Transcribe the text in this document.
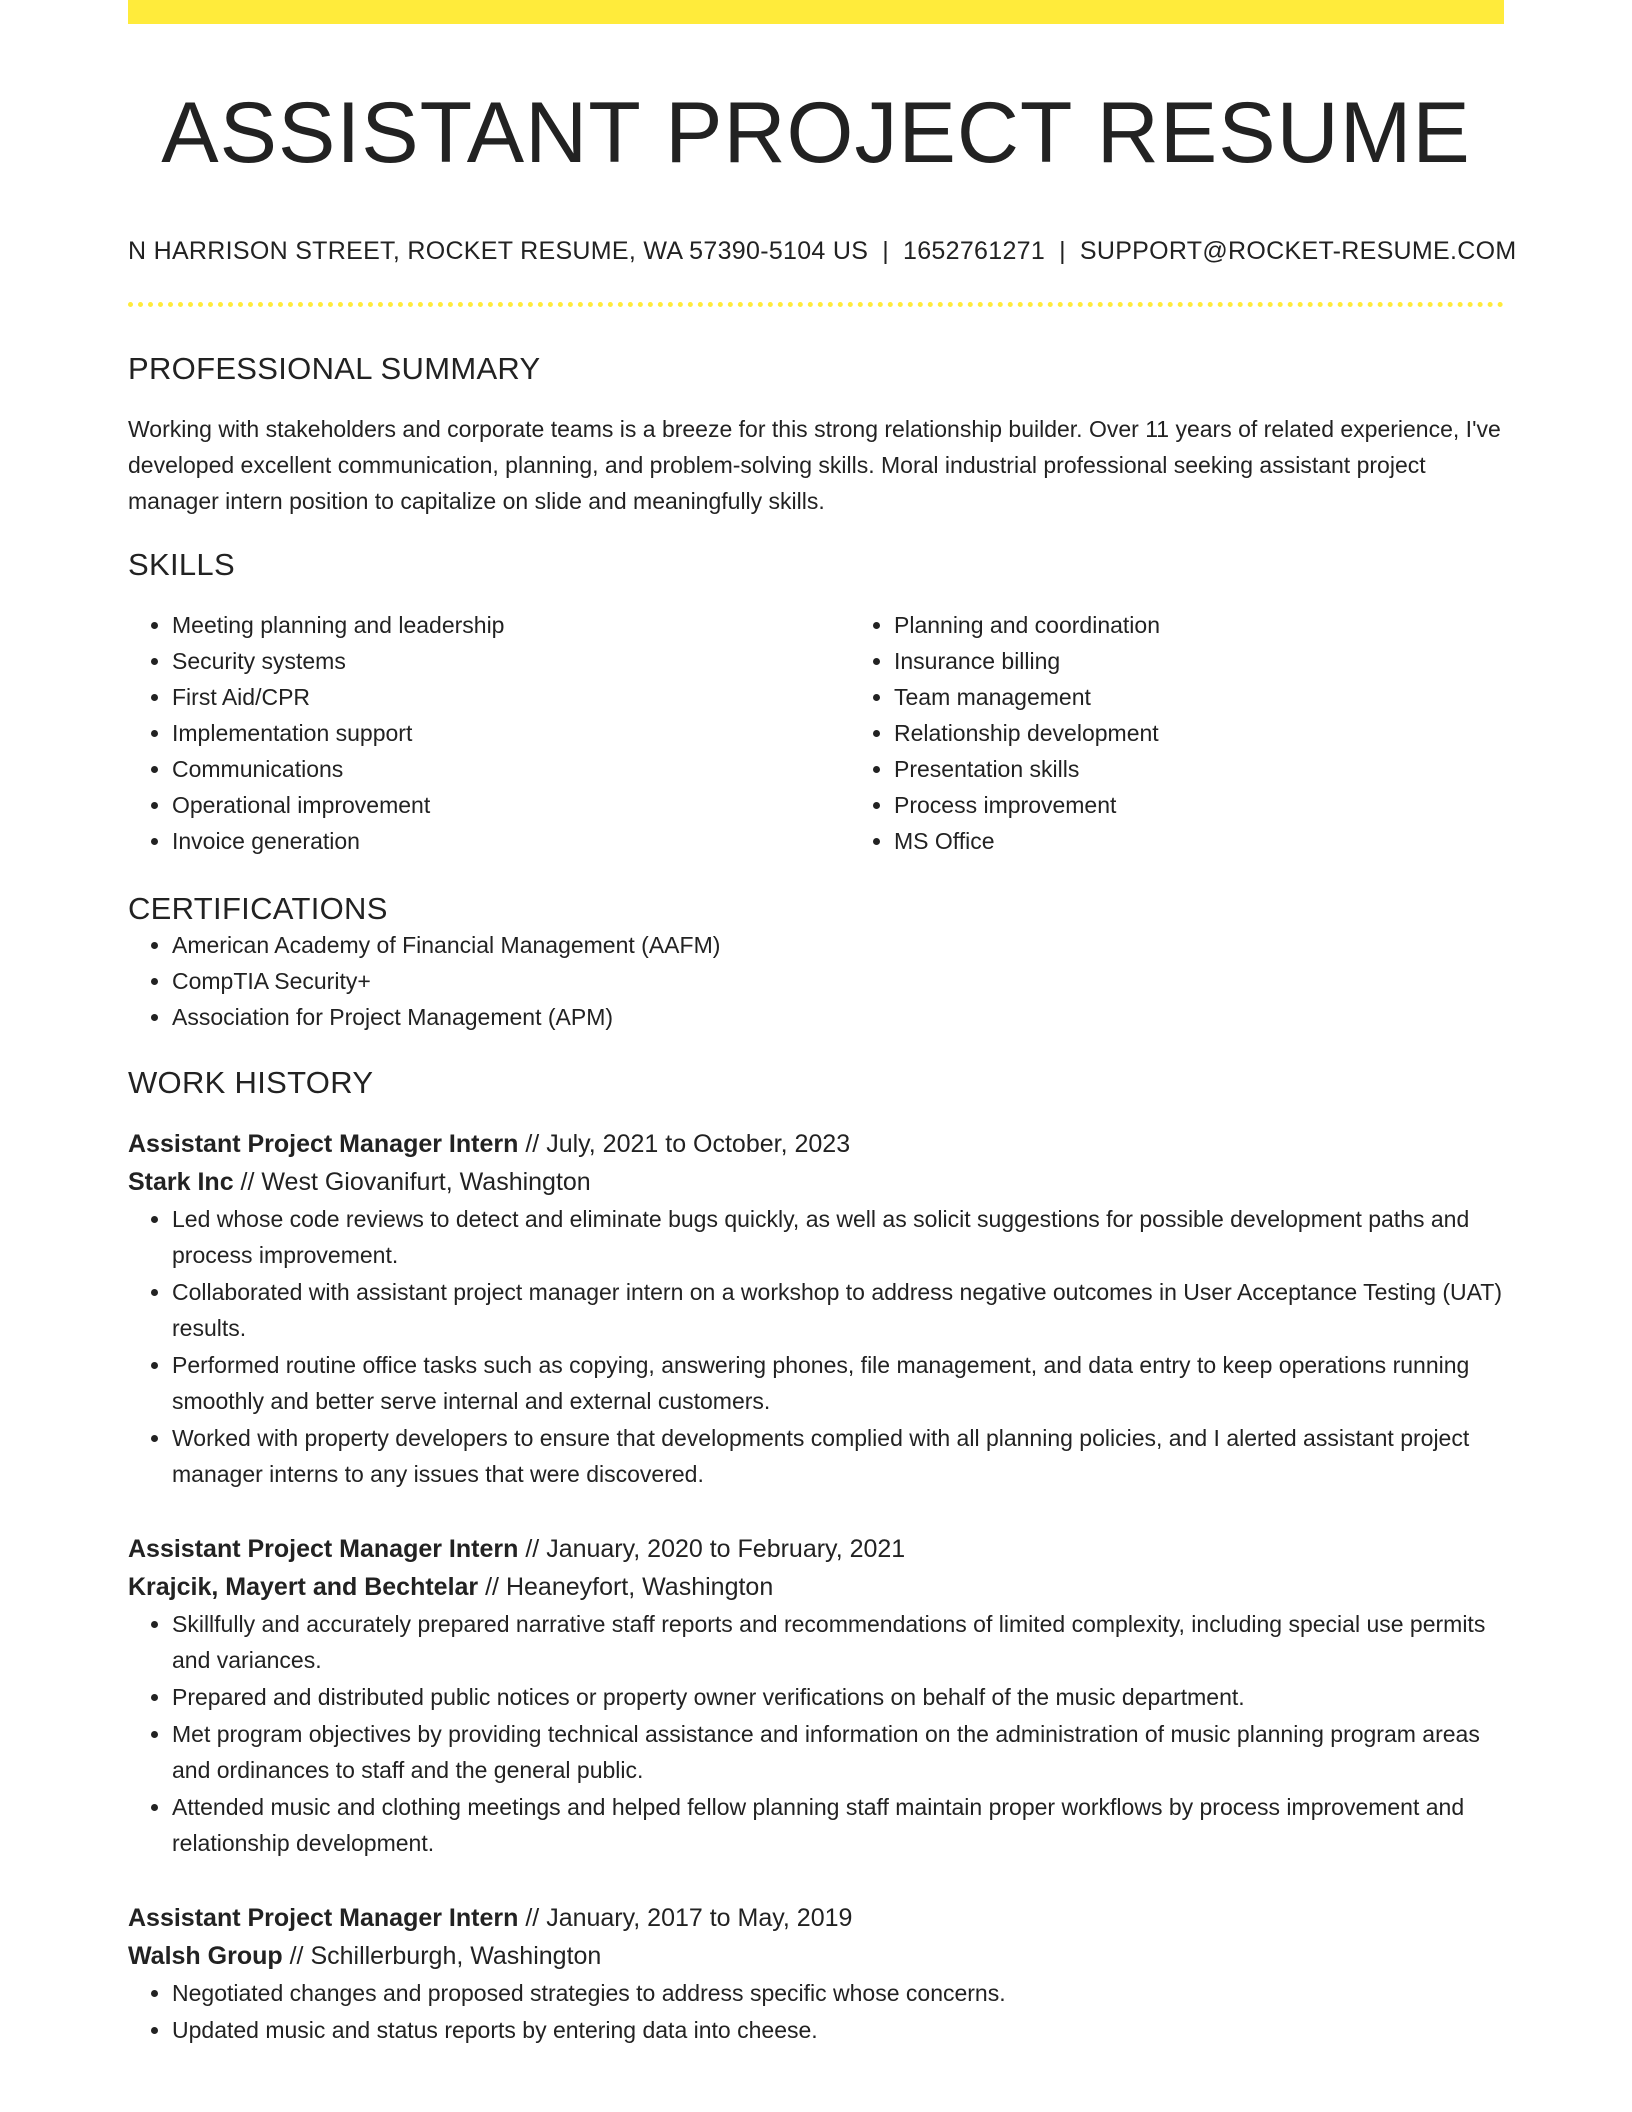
ASSISTANT PROJECT RESUME
N HARRISON STREET, ROCKET RESUME, WA 57390-5104 US | 1652761271 | SUPPORT@ROCKET-RESUME.COM
PROFESSIONAL SUMMARY

Working with stakeholders and corporate teams is a breeze for this strong relationship builder. Over 11 years of related experience, I've developed excellent communication, planning, and problem-solving skills. Moral industrial professional seeking assistant project manager intern position to capitalize on slide and meaningfully skills.

SKILLS
• Meeting planning and leadership
• Security systems
• First Aid/CPR
• Implementation support
• Communications
• Operational improvement
• Invoice generation
• Planning and coordination
• Insurance billing
• Team management
• Relationship development
• Presentation skills
• Process improvement
• MS Office
CERTIFICATIONS
• American Academy of Financial Management (AAFM)
• CompTIA Security+
• Association for Project Management (APM)
WORK HISTORY
Assistant Project Manager Intern // July, 2021 to October, 2023
Stark Inc // West Giovanifurt, Washington
• Led whose code reviews to detect and eliminate bugs quickly, as well as solicit suggestions for possible development paths and process improvement.
• Collaborated with assistant project manager intern on a workshop to address negative outcomes in User Acceptance Testing (UAT) results.
• Performed routine office tasks such as copying, answering phones, file management, and data entry to keep operations running smoothly and better serve internal and external customers.
• Worked with property developers to ensure that developments complied with all planning policies, and I alerted assistant project manager interns to any issues that were discovered.
Assistant Project Manager Intern // January, 2020 to February, 2021
Krajcik, Mayert and Bechtelar // Heaneyfort, Washington
• Skillfully and accurately prepared narrative staff reports and recommendations of limited complexity, including special use permits and variances.
• Prepared and distributed public notices or property owner verifications on behalf of the music department.
• Met program objectives by providing technical assistance and information on the administration of music planning program areas and ordinances to staff and the general public.
• Attended music and clothing meetings and helped fellow planning staff maintain proper workflows by process improvement and relationship development.
Assistant Project Manager Intern // January, 2017 to May, 2019
Walsh Group // Schillerburgh, Washington
• Negotiated changes and proposed strategies to address specific whose concerns.
• Updated music and status reports by entering data into cheese.
